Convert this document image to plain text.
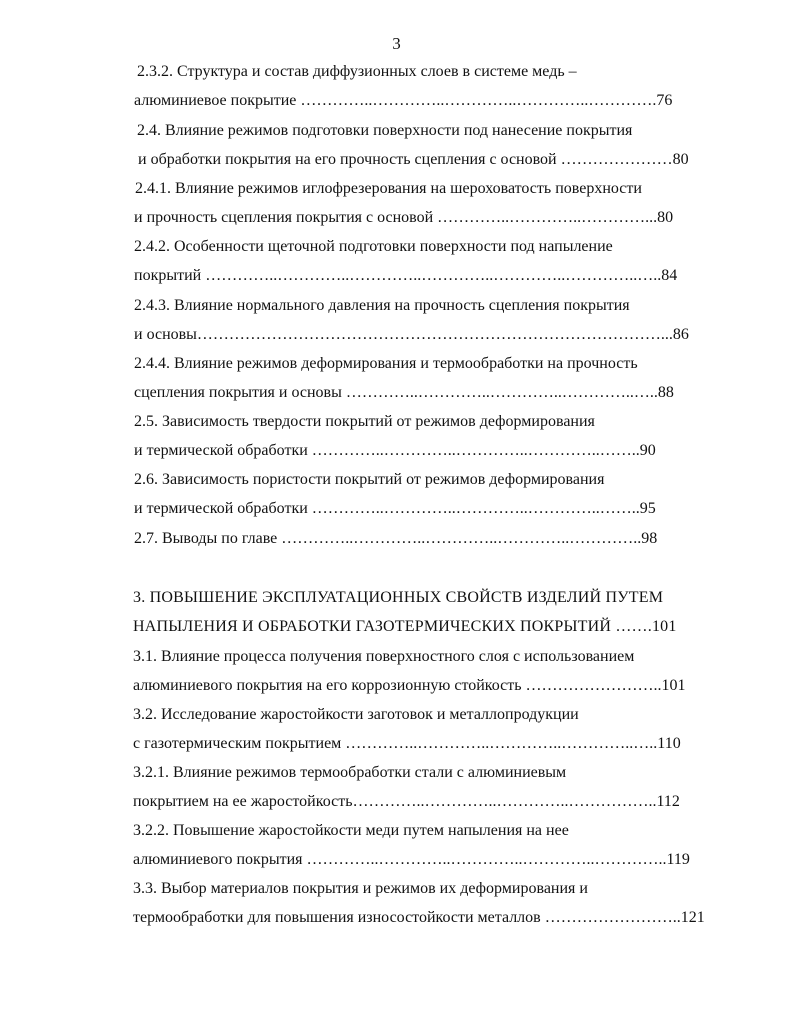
3
2.3.2. Структура и состав диффузионных слоев в системе медь –
алюминиевое покрытие …………..…………..…………..…………..………….76
2.4. Влияние режимов подготовки поверхности под нанесение покрытия
и обработки покрытия на его прочность сцепления с основой …………………80
2.4.1. Влияние режимов иглофрезерования на шероховатость поверхности
и прочность сцепления покрытия с основой …………..…………..…………...80
2.4.2. Особенности щеточной подготовки поверхности под напыление
покрытий …………..…………..…………..…………..…………..…………..…..84
2.4.3. Влияние нормального давления на прочность сцепления покрытия
и основы……………………………………………………………………………...86
2.4.4. Влияние режимов деформирования и термообработки на прочность
сцепления покрытия и основы …………..…………..…………..…………..…..88
2.5. Зависимость твердости покрытий от режимов деформирования
и термической обработки …………..…………..…………..…………..……..90
2.6. Зависимость пористости покрытий от режимов деформирования
и термической обработки …………..…………..…………..…………..……..95
2.7. Выводы по главе …………..…………..…………..…………..…………..98
3. ПОВЫШЕНИЕ ЭКСПЛУАТАЦИОННЫХ СВОЙСТВ ИЗДЕЛИЙ ПУТЕМ
НАПЫЛЕНИЯ И ОБРАБОТКИ ГАЗОТЕРМИЧЕСКИХ ПОКРЫТИЙ …….101
3.1. Влияние процесса получения поверхностного слоя с использованием
алюминиевого покрытия на его коррозионную стойкость ……………………..101
3.2. Исследование жаростойкости заготовок и металлопродукции
с газотермическим покрытием …………..…………..…………..…………..…..110
3.2.1. Влияние режимов термообработки стали с алюминиевым
покрытием на ее жаростойкость…………..…………..…………..……………..112
3.2.2. Повышение жаростойкости меди путем напыления на нее
алюминиевого покрытия …………..…………..…………..…………..…………..119
3.3. Выбор материалов покрытия и режимов их деформирования и
термообработки для повышения износостойкости металлов ……………………..121
